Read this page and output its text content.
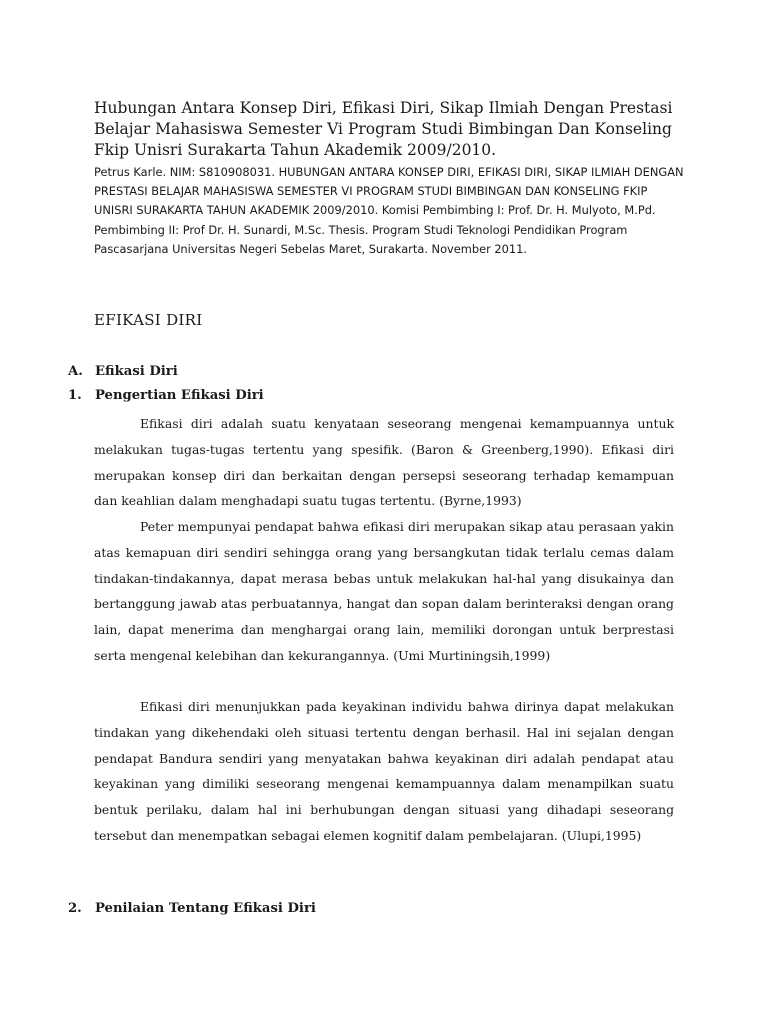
Hubungan Antara Konsep Diri, Efikasi Diri, Sikap Ilmiah Dengan Prestasi Belajar Mahasiswa Semester Vi Program Studi Bimbingan Dan Konseling Fkip Unisri Surakarta Tahun Akademik 2009/2010.

Petrus Karle. NIM: S810908031. HUBUNGAN ANTARA KONSEP DIRI, EFIKASI DIRI, SIKAP ILMIAH DENGAN PRESTASI BELAJAR MAHASISWA SEMESTER VI PROGRAM STUDI BIMBINGAN DAN KONSELING FKIP UNISRI SURAKARTA TAHUN AKADEMIK 2009/2010. Komisi Pembimbing I: Prof. Dr. H. Mulyoto, M.Pd. Pembimbing II: Prof Dr. H. Sunardi, M.Sc. Thesis. Program Studi Teknologi Pendidikan Program Pascasarjana Universitas Negeri Sebelas Maret, Surakarta. November 2011.

EFIKASI DIRI

A. Efikasi Diri

1. Pengertian Efikasi Diri

Efikasi diri adalah suatu kenyataan seseorang mengenai kemampuannya untuk melakukan tugas-tugas tertentu yang spesifik. (Baron & Greenberg,1990). Efikasi diri merupakan konsep diri dan berkaitan dengan persepsi seseorang terhadap kemampuan dan keahlian dalam menghadapi suatu tugas tertentu. (Byrne,1993)

Peter mempunyai pendapat bahwa efikasi diri merupakan sikap atau perasaan yakin atas kemapuan diri sendiri sehingga orang yang bersangkutan tidak terlalu cemas dalam tindakan-tindakannya, dapat merasa bebas untuk melakukan hal-hal yang disukainya dan bertanggung jawab atas perbuatannya, hangat dan sopan dalam berinteraksi dengan orang lain, dapat menerima dan menghargai orang lain, memiliki dorongan untuk berprestasi serta mengenal kelebihan dan kekurangannya. (Umi Murtiningsih,1999)

Efikasi diri menunjukkan pada keyakinan individu bahwa dirinya dapat melakukan tindakan yang dikehendaki oleh situasi tertentu dengan berhasil. Hal ini sejalan dengan pendapat Bandura sendiri yang menyatakan bahwa keyakinan diri adalah pendapat atau keyakinan yang dimiliki seseorang mengenai kemampuannya dalam menampilkan suatu bentuk perilaku, dalam hal ini berhubungan dengan situasi yang dihadapi seseorang tersebut dan menempatkan sebagai elemen kognitif dalam pembelajaran. (Ulupi,1995)

2. Penilaian Tentang Efikasi Diri
